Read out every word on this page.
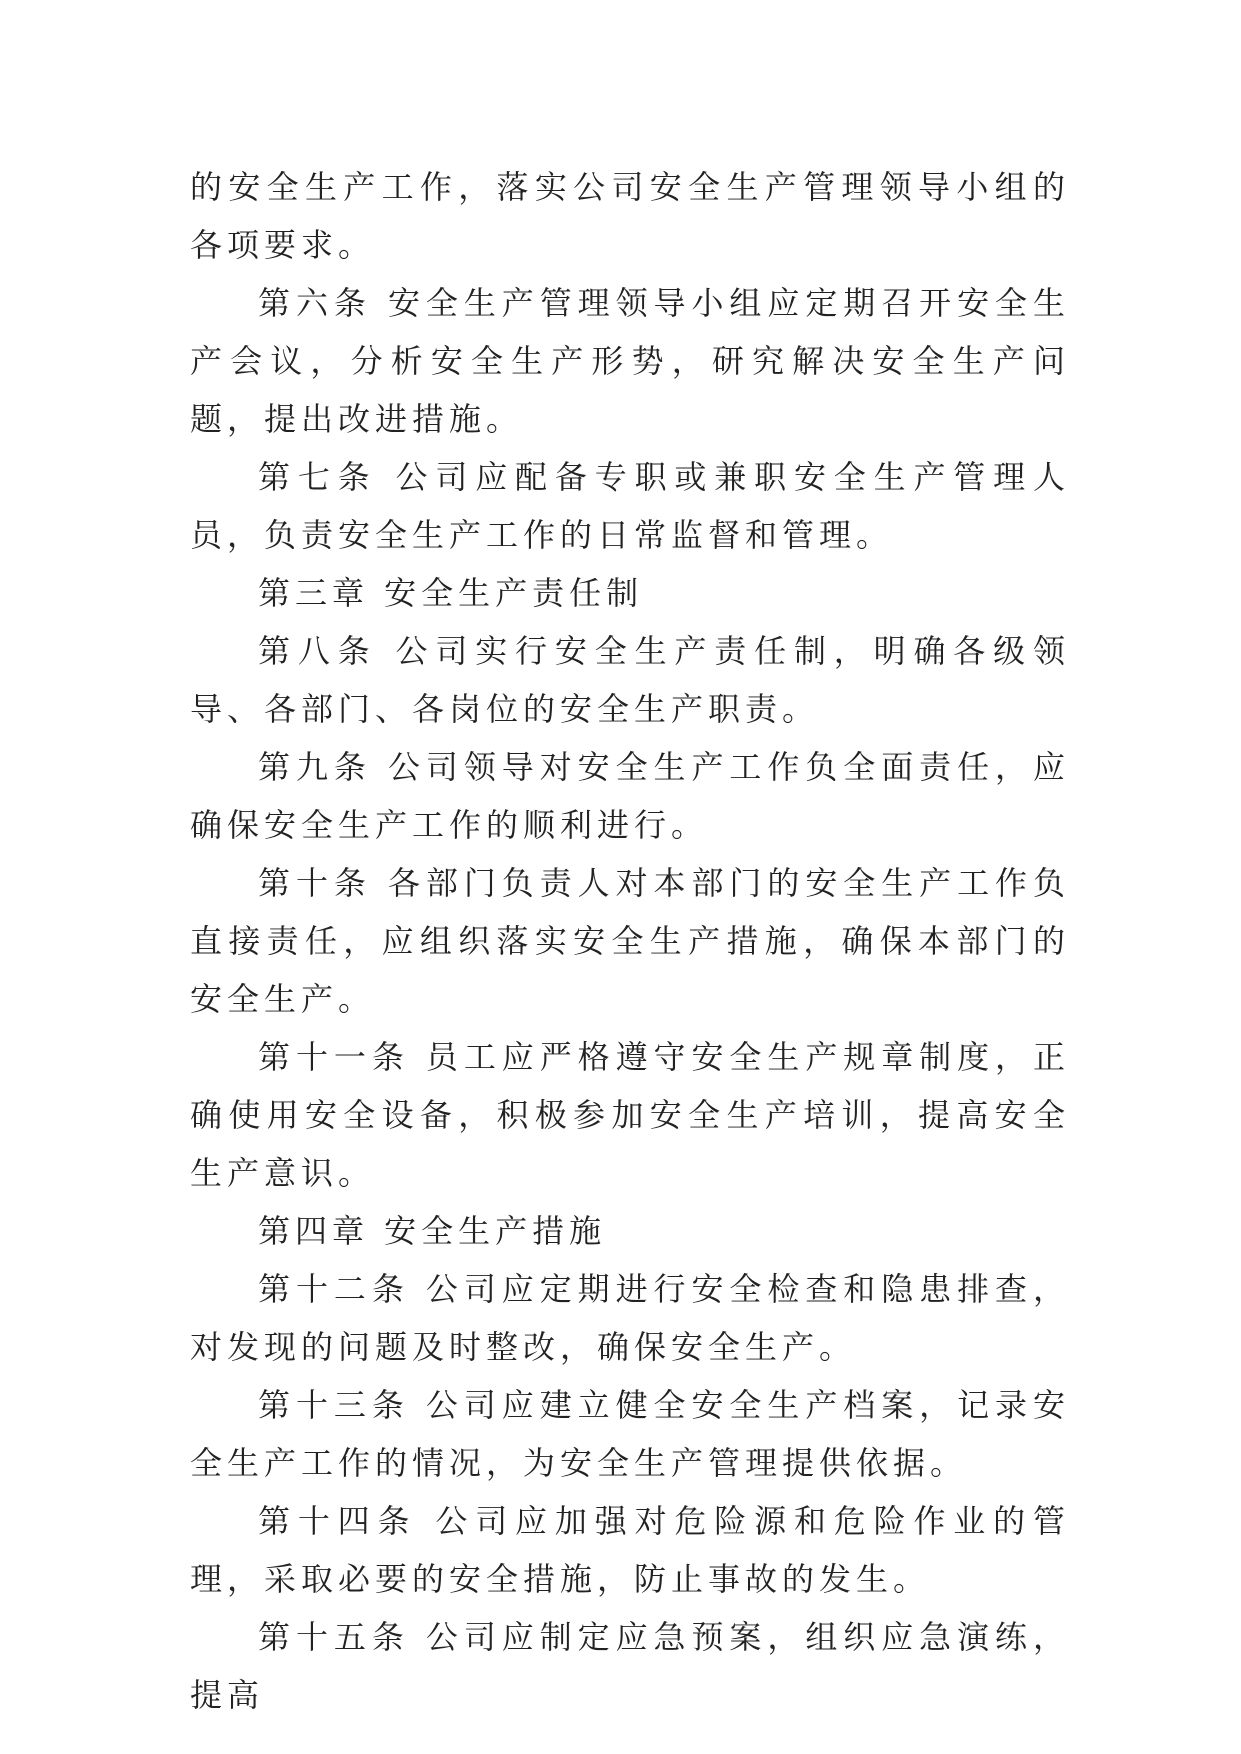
的安全生产工作，落实公司安全生产管理领导小组的各项要求。

第六条 安全生产管理领导小组应定期召开安全生产会议，分析安全生产形势，研究解决安全生产问题，提出改进措施。

第七条 公司应配备专职或兼职安全生产管理人员，负责安全生产工作的日常监督和管理。

第三章 安全生产责任制

第八条 公司实行安全生产责任制，明确各级领导、各部门、各岗位的安全生产职责。

第九条 公司领导对安全生产工作负全面责任，应确保安全生产工作的顺利进行。

第十条 各部门负责人对本部门的安全生产工作负直接责任，应组织落实安全生产措施，确保本部门的安全生产。

第十一条 员工应严格遵守安全生产规章制度，正确使用安全设备，积极参加安全生产培训，提高安全生产意识。

第四章 安全生产措施

第十二条 公司应定期进行安全检查和隐患排查，对发现的问题及时整改，确保安全生产。

第十三条 公司应建立健全安全生产档案，记录安全生产工作的情况，为安全生产管理提供依据。

第十四条 公司应加强对危险源和危险作业的管理，采取必要的安全措施，防止事故的发生。

第十五条 公司应制定应急预案，组织应急演练，提高
